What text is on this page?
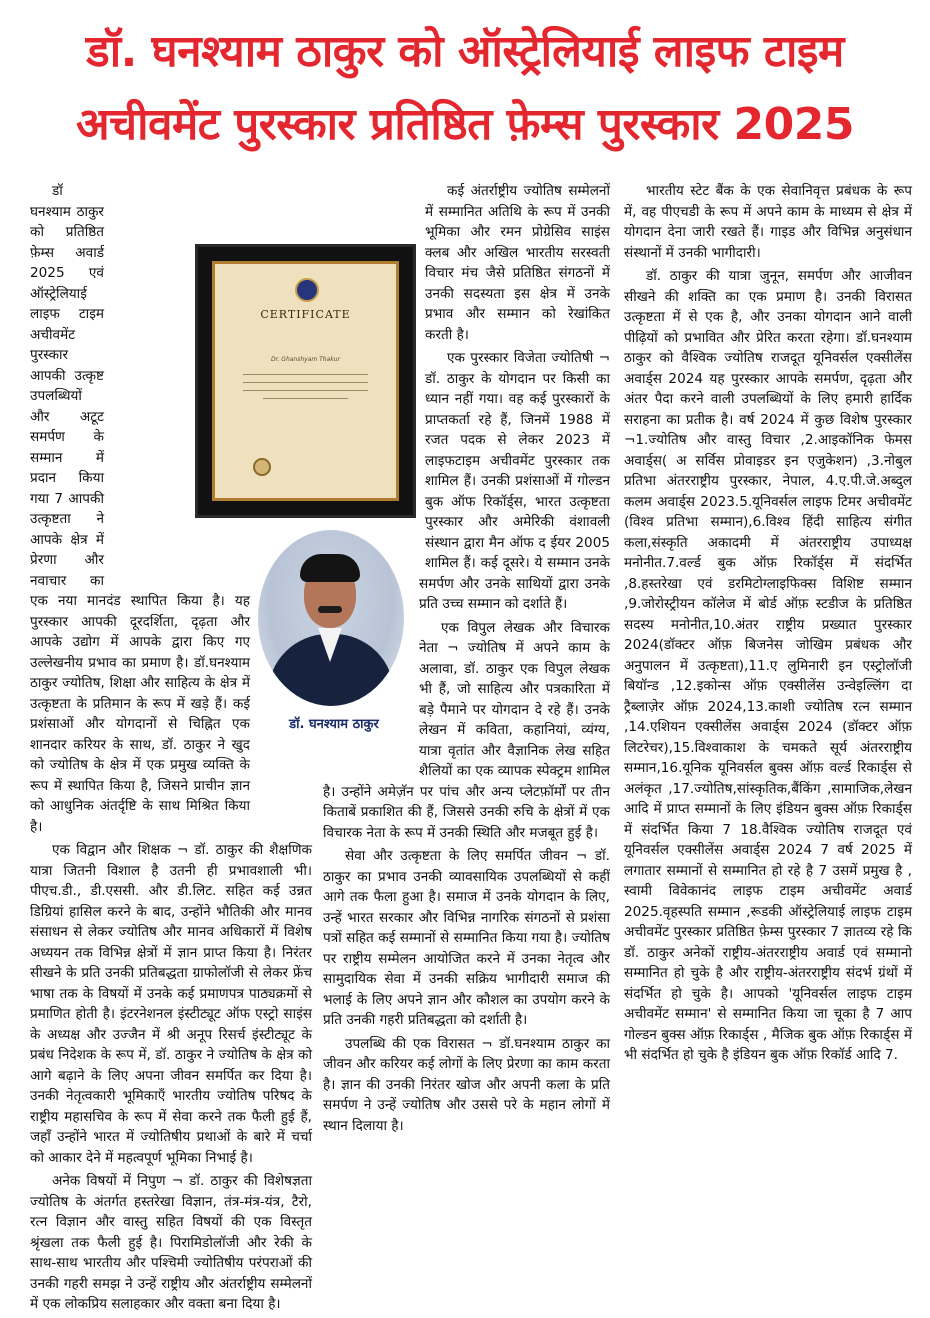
डॉ. घनश्याम ठाकुर को ऑस्ट्रेलियाई लाइफ टाइम
अचीवमेंट पुरस्कार प्रतिष्ठित फ़ेम्स पुरस्कार 2025
CERTIFICATE
Dr. Ghanshyam Thakur
डॉ. घनश्याम ठाकुर

डॉ घनश्याम ठाकुर को प्रतिष्ठित फ़ेम्स अवार्ड 2025 एवं ऑस्ट्रेलियाई लाइफ टाइम अचीवमेंट पुरस्कार आपकी उत्कृष्ट उपलब्धियों और अटूट समर्पण के सम्मान में प्रदान किया गया 7 आपकी उत्कृष्टता ने आपके क्षेत्र में प्रेरणा और नवाचार का एक नया मानदंड स्थापित किया है। यह पुरस्कार आपकी दूरदर्शिता, दृढ़ता और आपके उद्योग में आपके द्वारा किए गए उल्लेखनीय प्रभाव का प्रमाण है। डॉ.घनश्याम ठाकुर ज्योतिष, शिक्षा और साहित्य के क्षेत्र में उत्कृष्टता के प्रतिमान के रूप में खड़े हैं। कई प्रशंसाओं और योगदानों से चिह्नित एक शानदार करियर के साथ, डॉ. ठाकुर ने खुद को ज्योतिष के क्षेत्र में एक प्रमुख व्यक्ति के रूप में स्थापित किया है, जिसने प्राचीन ज्ञान को आधुनिक अंतर्दृष्टि के साथ मिश्रित किया है।

एक विद्वान और शिक्षक ¬ डॉ. ठाकुर की शैक्षणिक यात्रा जितनी विशाल है उतनी ही प्रभावशाली भी। पीएच.डी., डी.एससी. और डी.लिट. सहित कई उन्नत डिग्रियां हासिल करने के बाद, उन्होंने भौतिकी और मानव संसाधन से लेकर ज्योतिष और मानव अधिकारों में विशेष अध्ययन तक विभिन्न क्षेत्रों में ज्ञान प्राप्त किया है। निरंतर सीखने के प्रति उनकी प्रतिबद्धता ग्राफोलॉजी से लेकर फ्रेंच भाषा तक के विषयों में उनके कई प्रमाणपत्र पाठ्यक्रमों से प्रमाणित होती है। इंटरनेशनल इंस्टीट्यूट ऑफ एस्ट्रो साइंस के अध्यक्ष और उज्जैन में श्री अनूप रिसर्च इंस्टीट्यूट के प्रबंध निदेशक के रूप में, डॉ. ठाकुर ने ज्योतिष के क्षेत्र को आगे बढ़ाने के लिए अपना जीवन समर्पित कर दिया है। उनकी नेतृत्वकारी भूमिकाएँ भारतीय ज्योतिष परिषद के राष्ट्रीय महासचिव के रूप में सेवा करने तक फैली हुई हैं, जहाँ उन्होंने भारत में ज्योतिषीय प्रथाओं के बारे में चर्चा को आकार देने में महत्वपूर्ण भूमिका निभाई है।

अनेक विषयों में निपुण ¬ डॉ. ठाकुर की विशेषज्ञता ज्योतिष के अंतर्गत हस्तरेखा विज्ञान, तंत्र-मंत्र-यंत्र, टैरो, रत्न विज्ञान और वास्तु सहित विषयों की एक विस्तृत श्रृंखला तक फैली हुई है। पिरामिडोलॉजी और रेकी के साथ-साथ भारतीय और पश्चिमी ज्योतिषीय परंपराओं की उनकी गहरी समझ ने उन्हें राष्ट्रीय और अंतर्राष्ट्रीय सम्मेलनों में एक लोकप्रिय सलाहकार और वक्ता बना दिया है।

कई अंतर्राष्ट्रीय ज्योतिष सम्मेलनों में सम्मानित अतिथि के रूप में उनकी भूमिका और रमन प्रोग्रेसिव साइंस क्लब और अखिल भारतीय सरस्वती विचार मंच जैसे प्रतिष्ठित संगठनों में उनकी सदस्यता इस क्षेत्र में उनके प्रभाव और सम्मान को रेखांकित करती है।

एक पुरस्कार विजेता ज्योतिषी ¬ डॉ. ठाकुर के योगदान पर किसी का ध्यान नहीं गया। वह कई पुरस्कारों के प्राप्तकर्ता रहे हैं, जिनमें 1988 में रजत पदक से लेकर 2023 में लाइफटाइम अचीवमेंट पुरस्कार तक शामिल हैं। उनकी प्रशंसाओं में गोल्डन बुक ऑफ रिकॉर्ड्स, भारत उत्कृष्टता पुरस्कार और अमेरिकी वंशावली संस्थान द्वारा मैन ऑफ द ईयर 2005 शामिल हैं। कई दूसरे। ये सम्मान उनके समर्पण और उनके साथियों द्वारा उनके प्रति उच्च सम्मान को दर्शाते हैं।

एक विपुल लेखक और विचारक नेता ¬ ज्योतिष में अपने काम के अलावा, डॉ. ठाकुर एक विपुल लेखक भी हैं, जो साहित्य और पत्रकारिता में बड़े पैमाने पर योगदान दे रहे हैं। उनके लेखन में कविता, कहानियां, व्यंग्य, यात्रा वृतांत और वैज्ञानिक लेख सहित शैलियों का एक व्यापक स्पेक्ट्रम शामिल है। उन्होंने अमेज़ॅन पर पांच और अन्य प्लेटफ़ॉर्मों पर तीन किताबें प्रकाशित की हैं, जिससे उनकी रुचि के क्षेत्रों में एक विचारक नेता के रूप में उनकी स्थिति और मजबूत हुई है।

सेवा और उत्कृष्टता के लिए समर्पित जीवन ¬ डॉ. ठाकुर का प्रभाव उनकी व्यावसायिक उपलब्धियों से कहीं आगे तक फैला हुआ है। समाज में उनके योगदान के लिए, उन्हें भारत सरकार और विभिन्न नागरिक संगठनों से प्रशंसा पत्रों सहित कई सम्मानों से सम्मानित किया गया है। ज्योतिष पर राष्ट्रीय सम्मेलन आयोजित करने में उनका नेतृत्व और सामुदायिक सेवा में उनकी सक्रिय भागीदारी समाज की भलाई के लिए अपने ज्ञान और कौशल का उपयोग करने के प्रति उनकी गहरी प्रतिबद्धता को दर्शाती है।

उपलब्धि की एक विरासत ¬ डॉ.घनश्याम ठाकुर का जीवन और करियर कई लोगों के लिए प्रेरणा का काम करता है। ज्ञान की उनकी निरंतर खोज और अपनी कला के प्रति समर्पण ने उन्हें ज्योतिष और उससे परे के महान लोगों में स्थान दिलाया है।

भारतीय स्टेट बैंक के एक सेवानिवृत्त प्रबंधक के रूप में, वह पीएचडी के रूप में अपने काम के माध्यम से क्षेत्र में योगदान देना जारी रखते हैं। गाइड और विभिन्न अनुसंधान संस्थानों में उनकी भागीदारी।

डॉ. ठाकुर की यात्रा जुनून, समर्पण और आजीवन सीखने की शक्ति का एक प्रमाण है। उनकी विरासत उत्कृष्टता में से एक है, और उनका योगदान आने वाली पीढ़ियों को प्रभावित और प्रेरित करता रहेगा। डॉ.घनश्याम ठाकुर को वैश्विक ज्योतिष राजदूत यूनिवर्सल एक्सीलेंस अवार्ड्स 2024 यह पुरस्कार आपके समर्पण, दृढ़ता और अंतर पैदा करने वाली उपलब्धियों के लिए हमारी हार्दिक सराहना का प्रतीक है। वर्ष 2024 में कुछ विशेष पुरस्कार ¬1.ज्योतिष और वास्तु विचार ,2.आइकॉनिक फेमस अवार्ड्स( अ सर्विस प्रोवाइडर इन एजुकेशन) ,3.नोबुल प्रतिभा अंतरराष्ट्रीय पुरस्कार, नेपाल, 4.ए.पी.जे.अब्दुल कलम अवार्ड्स 2023.5.यूनिवर्सल लाइफ टिमर अचीवमेंट (विश्व प्रतिभा सम्मान),6.विश्व हिंदी साहित्य संगीत कला,संस्कृति अकादमी में अंतरराष्ट्रीय उपाध्यक्ष मनोनीत.7.वर्ल्ड बुक ऑफ़ रिकॉर्ड्स में संदर्भित ,8.हस्तरेखा एवं डरमिटोग्लाइफिक्स विशिष्ट सम्मान ,9.जोरोस्ट्रीयन कॉलेज में बोर्ड ऑफ़ स्टडीज के प्रतिष्ठित सदस्य मनोनीत,10.अंतर राष्ट्रीय प्रख्यात पुरस्कार 2024(डॉक्टर ऑफ़ बिजनेस जोखिम प्रबंधक और अनुपालन में उत्कृष्टता),11.ए लुमिनारी इन एस्ट्रोलॉजी बियॉन्ड ,12.इकोन्स ऑफ़ एक्सीलेंस उन्वेइल्लिंग दा ट्रैब्लाज़ेर ऑफ़ 2024,13.काशी ज्योतिष रत्न सम्मान ,14.एशियन एक्सीलेंस अवार्ड्स 2024 (डॉक्टर ऑफ़ लिटरेचर),15.विश्वाकाश के चमकते सूर्य अंतरराष्ट्रीय सम्मान,16.यूनिक यूनिवर्सल बुक्स ऑफ़ वर्ल्ड रिकार्ड्स से अलंकृत ,17.ज्योतिष,सांस्कृतिक,बैंकिंग ,सामाजिक,लेखन आदि में प्राप्त सम्मानों के लिए इंडियन बुक्स ऑफ़ रिकार्ड्स में संदर्भित किया 7 18.वैश्विक ज्योतिष राजदूत एवं यूनिवर्सल एक्सीलेंस अवार्ड्स 2024 7 वर्ष 2025 में लगातार सम्मानों से सम्मानित हो रहे है 7 उसमें प्रमुख है , स्वामी विवेकानंद लाइफ टाइम अचीवमेंट अवार्ड 2025.वृहस्पति सम्मान ,रूडकी ऑस्ट्रेलियाई लाइफ टाइम अचीवमेंट पुरस्कार प्रतिष्ठित फ़ेम्स पुरस्कार 7 ज्ञातव्य रहे कि डॉ. ठाकुर अनेकों राष्ट्रीय-अंतरराष्ट्रीय अवार्ड एवं सम्मानो सम्मानित हो चुके है और राष्ट्रीय-अंतरराष्ट्रीय संदर्भ ग्रंथों में संदर्भित हो चुके है। आपको 'यूनिवर्सल लाइफ टाइम अचीवमेंट सम्मान' से सम्मानित किया जा चूका है 7 आप गोल्डन बुक्स ऑफ़ रिकार्ड्स , मैजिक बुक ऑफ़ रिकार्ड्स में भी संदर्भित हो चुके है इंडियन बुक ऑफ़ रिकॉर्ड आदि 7.
